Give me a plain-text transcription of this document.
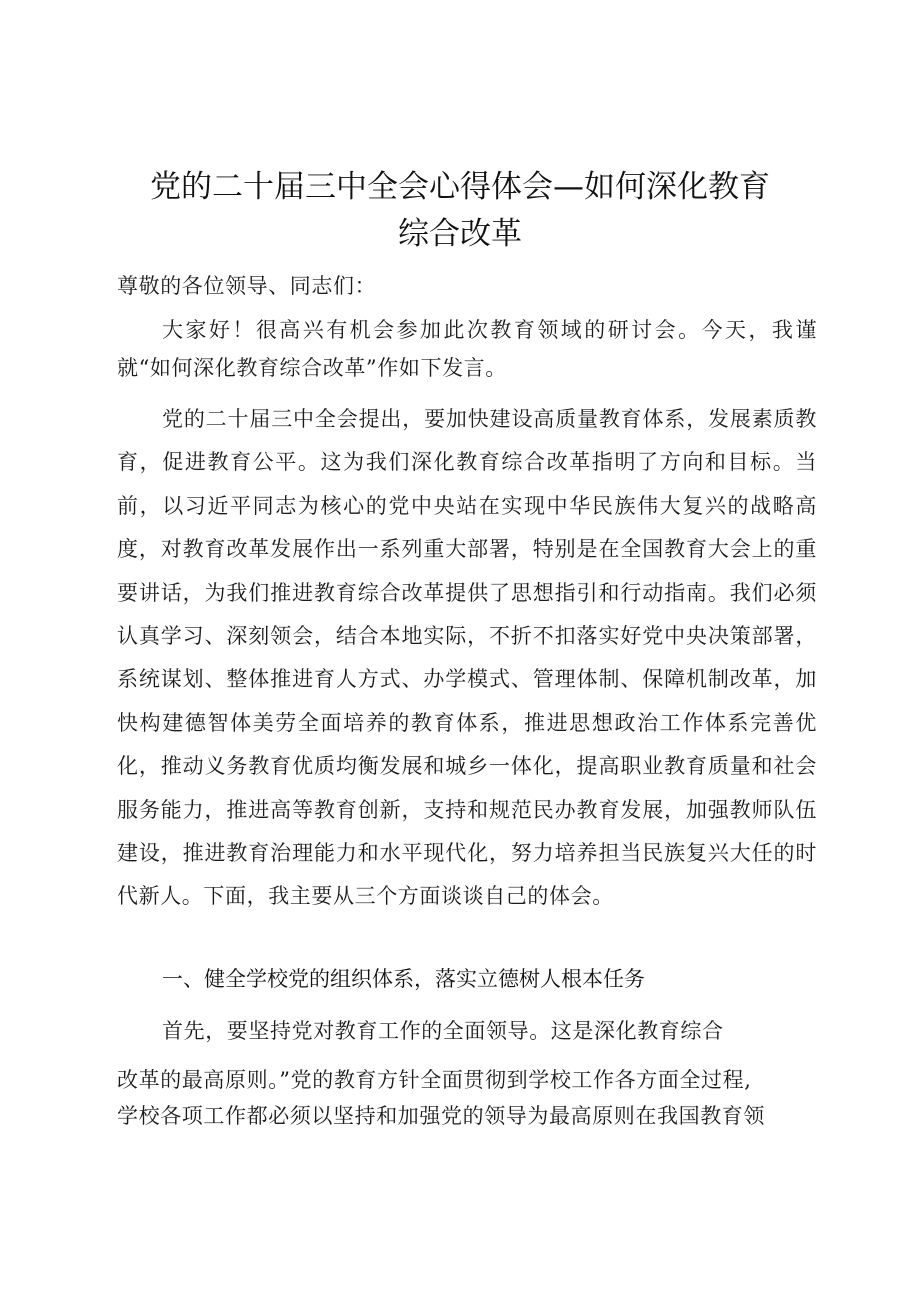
党的二十届三中全会心得体会—如何深化教育
综合改革
尊敬的各位领导、同志们：
大家好！很高兴有机会参加此次教育领域的研讨会。今天，我谨就“如何深化教育综合改革”作如下发言。
党的二十届三中全会提出，要加快建设高质量教育体系，发展素质教育，促进教育公平。这为我们深化教育综合改革指明了方向和目标。当前，以习近平同志为核心的党中央站在实现中华民族伟大复兴的战略高度，对教育改革发展作出一系列重大部署，特别是在全国教育大会上的重要讲话，为我们推进教育综合改革提供了思想指引和行动指南。我们必须认真学习、深刻领会，结合本地实际，不折不扣落实好党中央决策部署，系统谋划、整体推进育人方式、办学模式、管理体制、保障机制改革，加快构建德智体美劳全面培养的教育体系，推进思想政治工作体系完善优化，推动义务教育优质均衡发展和城乡一体化，提高职业教育质量和社会服务能力，推进高等教育创新，支持和规范民办教育发展，加强教师队伍建设，推进教育治理能力和水平现代化，努力培养担当民族复兴大任的时代新人。下面，我主要从三个方面谈谈自己的体会。
一、健全学校党的组织体系，落实立德树人根本任务
首先，要坚持党对教育工作的全面领导。这是深化教育综合
改革的最高原则。”党的教育方针全面贯彻到学校工作各方面全过程,
学校各项工作都必须以坚持和加强党的领导为最高原则在我国教育领
